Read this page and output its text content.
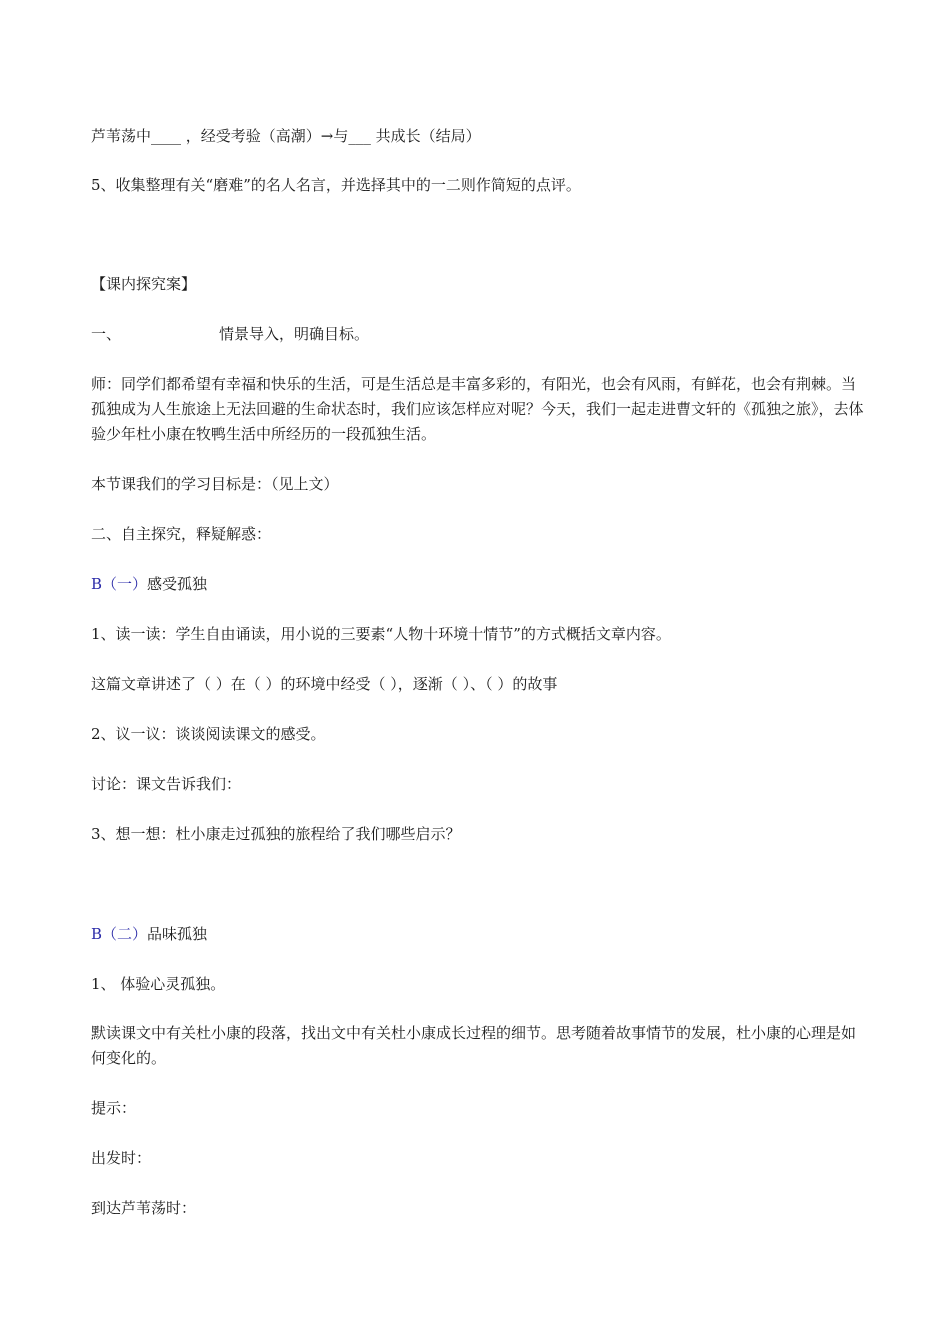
芦苇荡中____ ，经受考验（高潮）→与___ 共成长（结局）
5、收集整理有关“磨难”的名人名言，并选择其中的一二则作简短的点评。
【课内探究案】
一、	情景导入，明确目标。
师：同学们都希望有幸福和快乐的生活，可是生活总是丰富多彩的，有阳光，也会有风雨，有鲜花，也会有荆棘。当孤独成为人生旅途上无法回避的生命状态时，我们应该怎样应对呢？今天，我们一起走进曹文轩的《孤独之旅》，去体验少年杜小康在牧鸭生活中所经历的一段孤独生活。
本节课我们的学习目标是：（见上文）
二、自主探究，释疑解惑：
B（一）感受孤独
1、读一读：学生自由诵读，用小说的三要素“人物十环境十情节”的方式概括文章内容。
这篇文章讲述了（ ）在（ ）的环境中经受（ ），逐渐（ ）、（ ）的故事
2、议一议：谈谈阅读课文的感受。
讨论：课文告诉我们：
3、想一想：杜小康走过孤独的旅程给了我们哪些启示？
B（二）品味孤独
1、 体验心灵孤独。
默读课文中有关杜小康的段落，找出文中有关杜小康成长过程的细节。思考随着故事情节的发展，杜小康的心理是如何变化的。
提示：
出发时：
到达芦苇荡时：
